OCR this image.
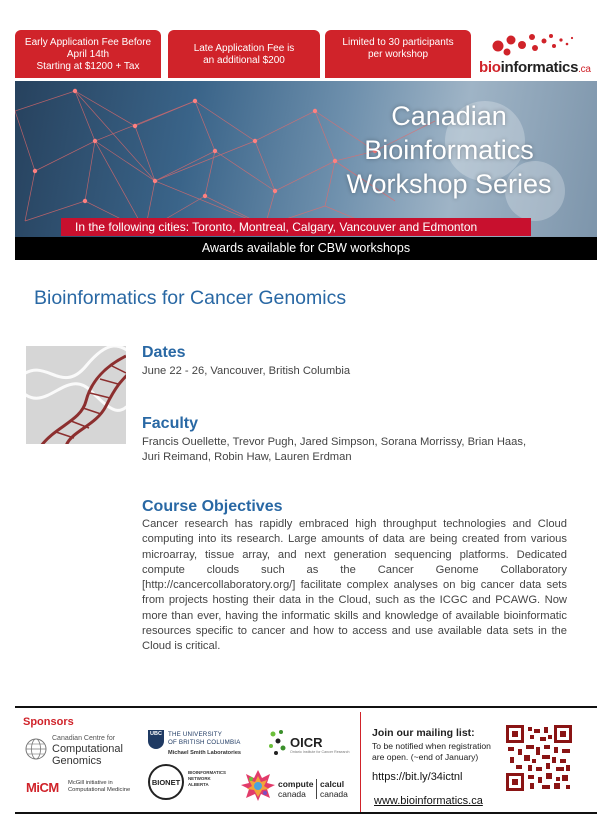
Early Application Fee Before
April 14th
Starting at $1200 + Tax
Late Application Fee is
an additional $200
Limited to 30 participants
per workshop
bioinformatics.ca
Canadian
Bioinformatics
Workshop Series
In the following cities: Toronto, Montreal, Calgary, Vancouver and Edmonton
Awards available for CBW workshops
Bioinformatics for Cancer Genomics
Dates
June 22 - 26, Vancouver, British Columbia
Faculty
Francis Ouellette, Trevor Pugh, Jared Simpson, Sorana Morrissy, Brian Haas,
Juri Reimand, Robin Haw, Lauren Erdman
Course Objectives
Cancer research has rapidly embraced high throughput technologies and Cloud computing into its research. Large amounts of data are being created from various microarray, tissue array, and next generation sequencing platforms. Dedicated compute clouds such as the Cancer Genome Collaboratory [http://cancercollaboratory.org/] facilitate complex analyses on big cancer data sets from projects hosting their data in the Cloud, such as the ICGC and PCAWG. Now more than ever, having the informatic skills and knowledge of available bioinformatic resources specific to cancer and how to access and use available data sets in the Cloud is critical.
Sponsors
Canadian Centre for
Computational
Genomics
UBC THE UNIVERSITY
OF BRITISH COLUMBIA
Michael Smith Laboratories
OICR
Ontario Institute for Cancer Research
MiCM McGill initiative in
Computational Medicine
BIONET
BIOINFORMATICS
NETWORK
ALBERTA	compute
canada
calcul
canada
Join our mailing list:
To be notified when registration
are open. (~end of January)
https://bit.ly/34ictnl
www.bioinformatics.ca
